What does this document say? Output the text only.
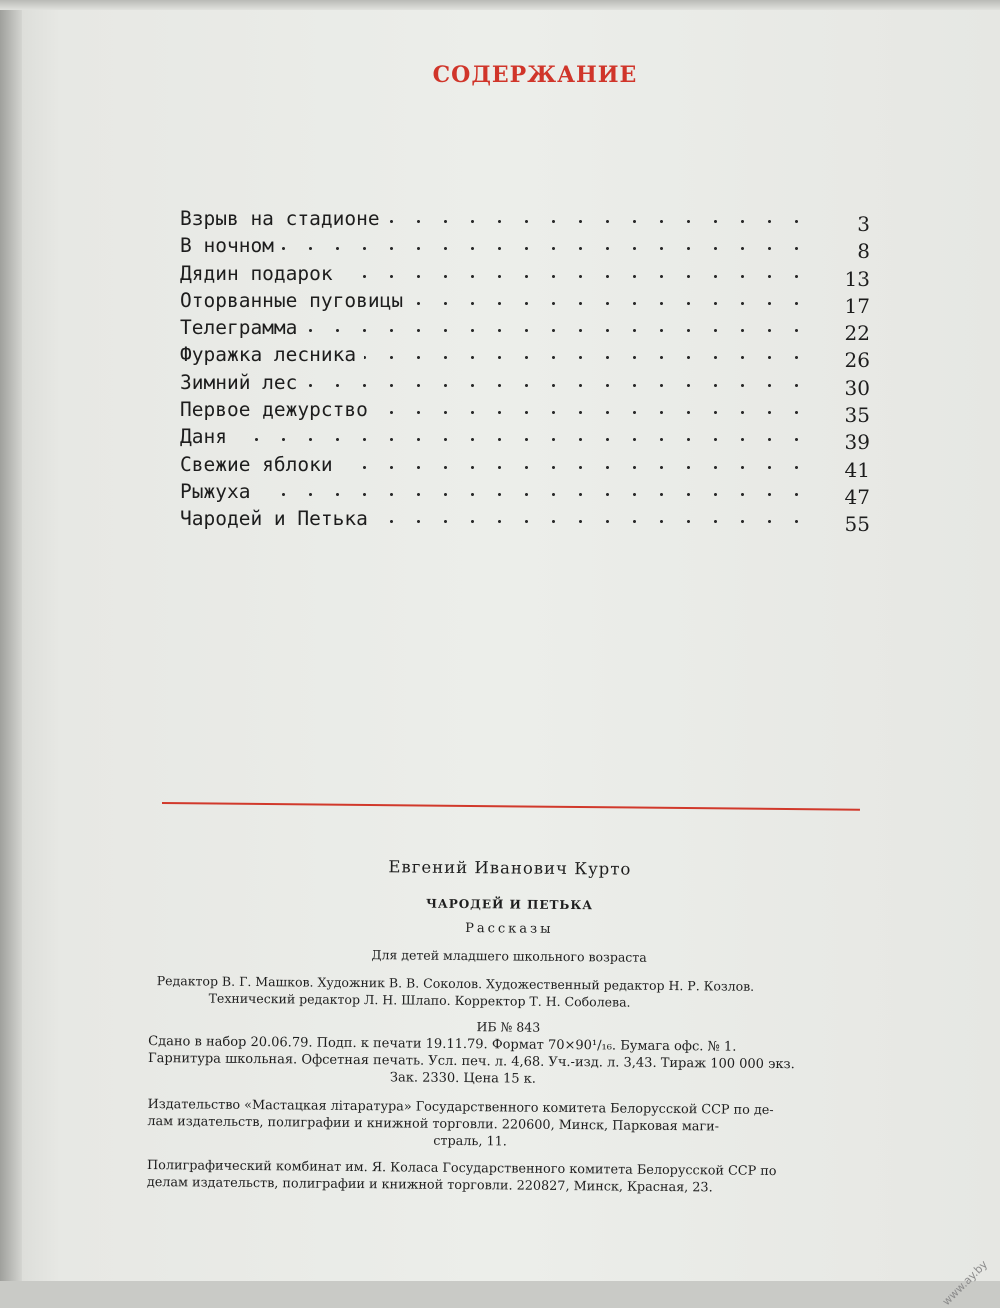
СОДЕРЖАНИЕ
Взрыв на стадионе	3
В ночном	8
Дядин подарок	13
Оторванные пуговицы	17
Телеграмма	22
Фуражка лесника	26
Зимний лес	30
Первое дежурство	35
Даня	39
Свежие яблоки	41
Рыжуха	47
Чародей и Петька	55
Евгений Иванович Курто
ЧАРОДЕЙ И ПЕТЬКА
Рассказы
Для детей младшего школьного возраста
Редактор В. Г. Машков. Художник В. В. Соколов. Художественный редактор Н. Р. Козлов.
Технический редактор Л. Н. Шлапо. Корректор Т. Н. Соболева.
ИБ № 843
Сдано в набор 20.06.79. Подп. к печати 19.11.79. Формат 70×90¹/₁₆. Бумага офс. № 1.
Гарнитура школьная. Офсетная печать. Усл. печ. л. 4,68. Уч.-изд. л. 3,43. Тираж 100 000 экз.
Зак. 2330. Цена 15 к.
Издательство «Мастацкая літаратура» Государственного комитета Белорусской ССР по де-
лам издательств, полиграфии и книжной торговли. 220600, Минск, Парковая маги-
страль, 11.
Полиграфический комбинат им. Я. Коласа Государственного комитета Белорусской ССР по
делам издательств, полиграфии и книжной торговли. 220827, Минск, Красная, 23.
www.ay.by
